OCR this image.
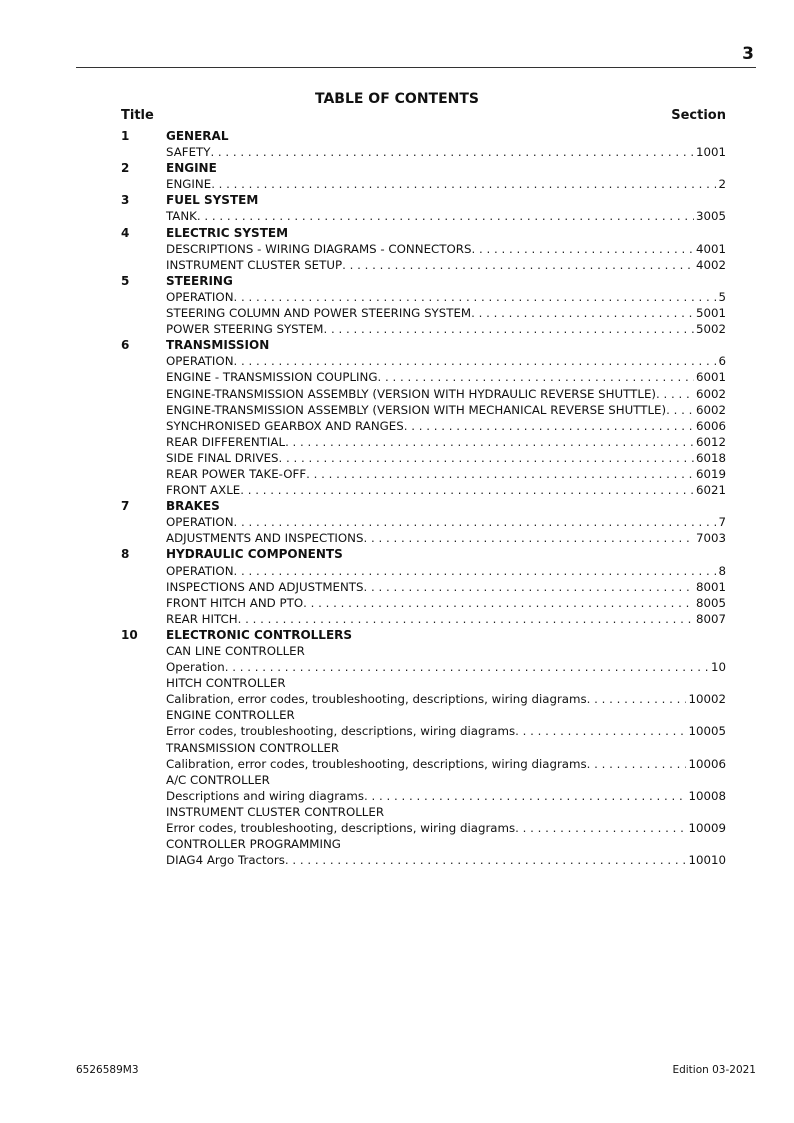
3
TABLE OF CONTENTS
Title	Section
1	GENERAL
SAFETY . . .	1001
2	ENGINE
ENGINE . . .	2
3	FUEL SYSTEM
TANK . . .	3005
4	ELECTRIC SYSTEM
DESCRIPTIONS - WIRING DIAGRAMS - CONNECTORS . . .	4001
INSTRUMENT CLUSTER SETUP . . .	4002
5	STEERING
OPERATION . . .	5
STEERING COLUMN AND POWER STEERING SYSTEM . . .	5001
POWER STEERING SYSTEM . . .	5002
6	TRANSMISSION
OPERATION . . .	6
ENGINE - TRANSMISSION COUPLING . . .	6001
ENGINE-TRANSMISSION ASSEMBLY (VERSION WITH HYDRAULIC REVERSE SHUTTLE) . . .	6002
ENGINE-TRANSMISSION ASSEMBLY (VERSION WITH MECHANICAL REVERSE SHUTTLE) . . .	6002
SYNCHRONISED GEARBOX AND RANGES . . .	6006
REAR DIFFERENTIAL . . .	6012
SIDE FINAL DRIVES . . .	6018
REAR POWER TAKE-OFF . . .	6019
FRONT AXLE . . .	6021
7	BRAKES
OPERATION . . .	7
ADJUSTMENTS AND INSPECTIONS . . .	7003
8	HYDRAULIC COMPONENTS
OPERATION . . .	8
INSPECTIONS AND ADJUSTMENTS . . .	8001
FRONT HITCH AND PTO . . .	8005
REAR HITCH . . .	8007
10	ELECTRONIC CONTROLLERS
CAN LINE CONTROLLER
Operation . . .	10
HITCH CONTROLLER
Calibration, error codes, troubleshooting, descriptions, wiring diagrams . . .	10002
ENGINE CONTROLLER
Error codes, troubleshooting, descriptions, wiring diagrams . . .	10005
TRANSMISSION CONTROLLER
Calibration, error codes, troubleshooting, descriptions, wiring diagrams . . .	10006
A/C CONTROLLER
Descriptions and wiring diagrams . . .	10008
INSTRUMENT CLUSTER CONTROLLER
Error codes, troubleshooting, descriptions, wiring diagrams . . .	10009
CONTROLLER PROGRAMMING
DIAG4 Argo Tractors . . .	10010
6526589M3	Edition 03-2021
